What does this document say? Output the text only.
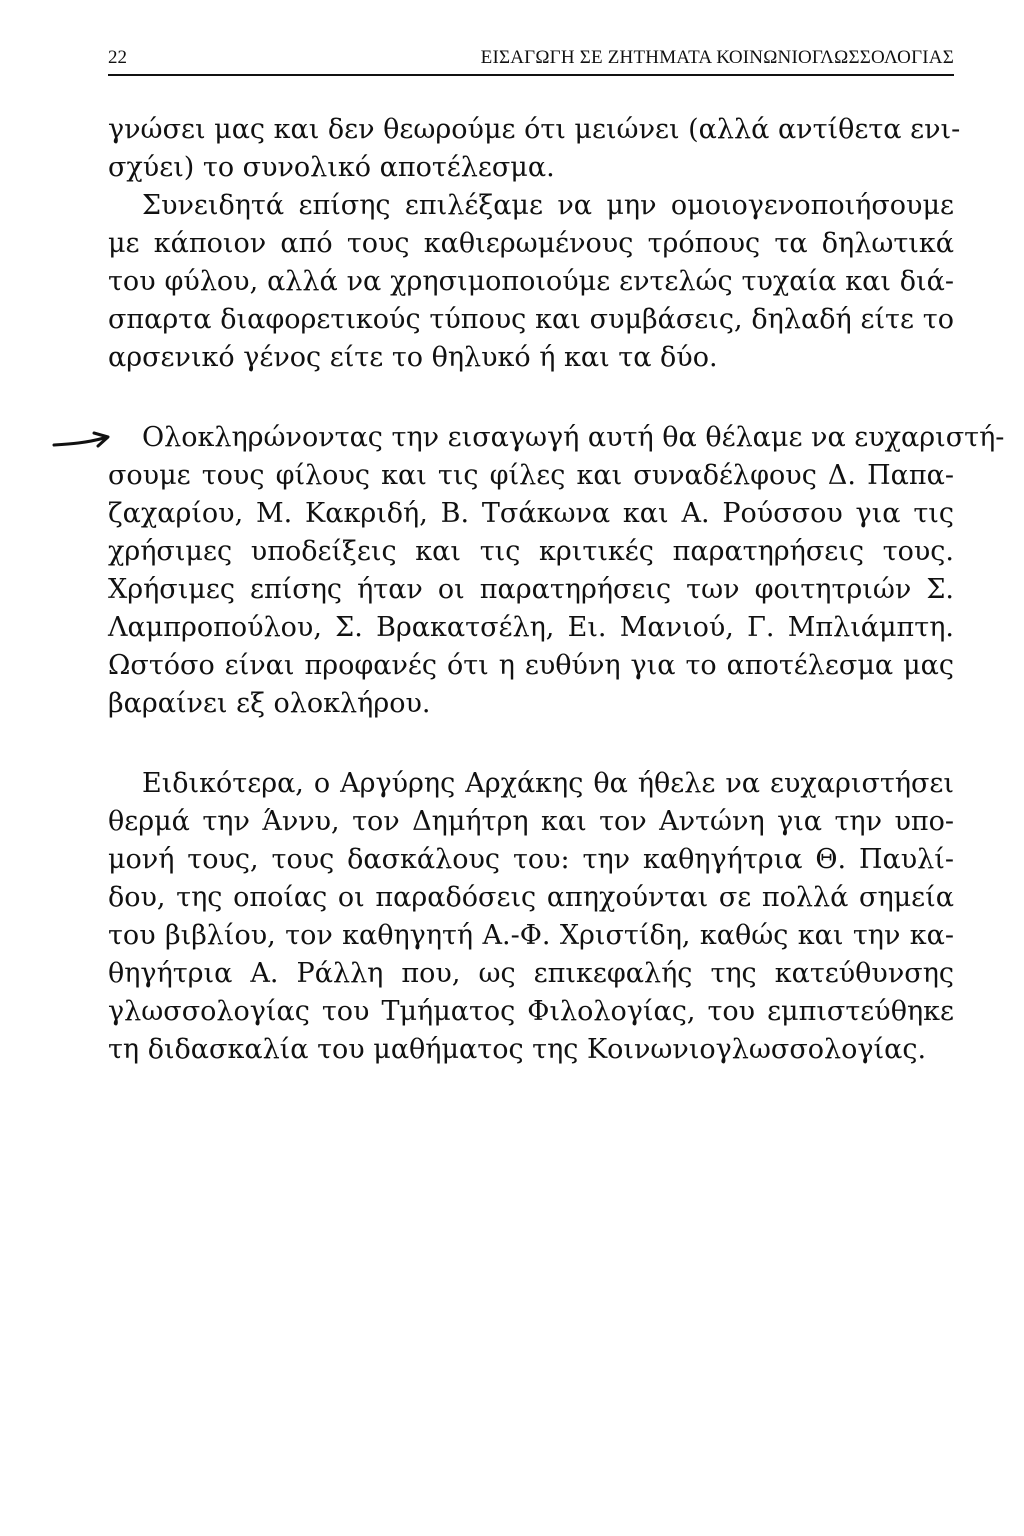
22	ΕΙΣΑΓΩΓΗ ΣΕ ΖΗΤΗΜΑΤΑ ΚΟΙΝΩΝΙΟΓΛΩΣΣΟΛΟΓΙΑΣ
γνώσει μας και δεν θεωρούμε ότι μειώνει (αλλά αντίθετα ενι-
σχύει) το συνολικό αποτέλεσμα.
Συνειδητά επίσης επιλέξαμε να μην ομοιογενοποιήσουμε
με κάποιον από τους καθιερωμένους τρόπους τα δηλωτικά
του φύλου, αλλά να χρησιμοποιούμε εντελώς τυχαία και διά-
σπαρτα διαφορετικούς τύπους και συμβάσεις, δηλαδή είτε το
αρσενικό γένος είτε το θηλυκό ή και τα δύο.
Ολοκληρώνοντας την εισαγωγή αυτή θα θέλαμε να ευχαριστή-
σουμε τους φίλους και τις φίλες και συναδέλφους Δ. Παπα-
ζαχαρίου, Μ. Κακριδή, Β. Τσάκωνα και Α. Ρούσσου για τις
χρήσιμες υποδείξεις και τις κριτικές παρατηρήσεις τους.
Χρήσιμες επίσης ήταν οι παρατηρήσεις των φοιτητριών Σ.
Λαμπροπούλου, Σ. Βρακατσέλη, Ει. Μανιού, Γ. Μπλιάμπτη.
Ωστόσο είναι προφανές ότι η ευθύνη για το αποτέλεσμα μας
βαραίνει εξ ολοκλήρου.
Ειδικότερα, ο Αργύρης Αρχάκης θα ήθελε να ευχαριστήσει
θερμά την Άννυ, τον Δημήτρη και τον Αντώνη για την υπο-
μονή τους, τους δασκάλους του: την καθηγήτρια Θ. Παυλί-
δου, της οποίας οι παραδόσεις απηχούνται σε πολλά σημεία
του βιβλίου, τον καθηγητή Α.-Φ. Χριστίδη, καθώς και την κα-
θηγήτρια Α. Ράλλη που, ως επικεφαλής της κατεύθυνσης
γλωσσολογίας του Τμήματος Φιλολογίας, του εμπιστεύθηκε
τη διδασκαλία του μαθήματος της Κοινωνιογλωσσολογίας.
